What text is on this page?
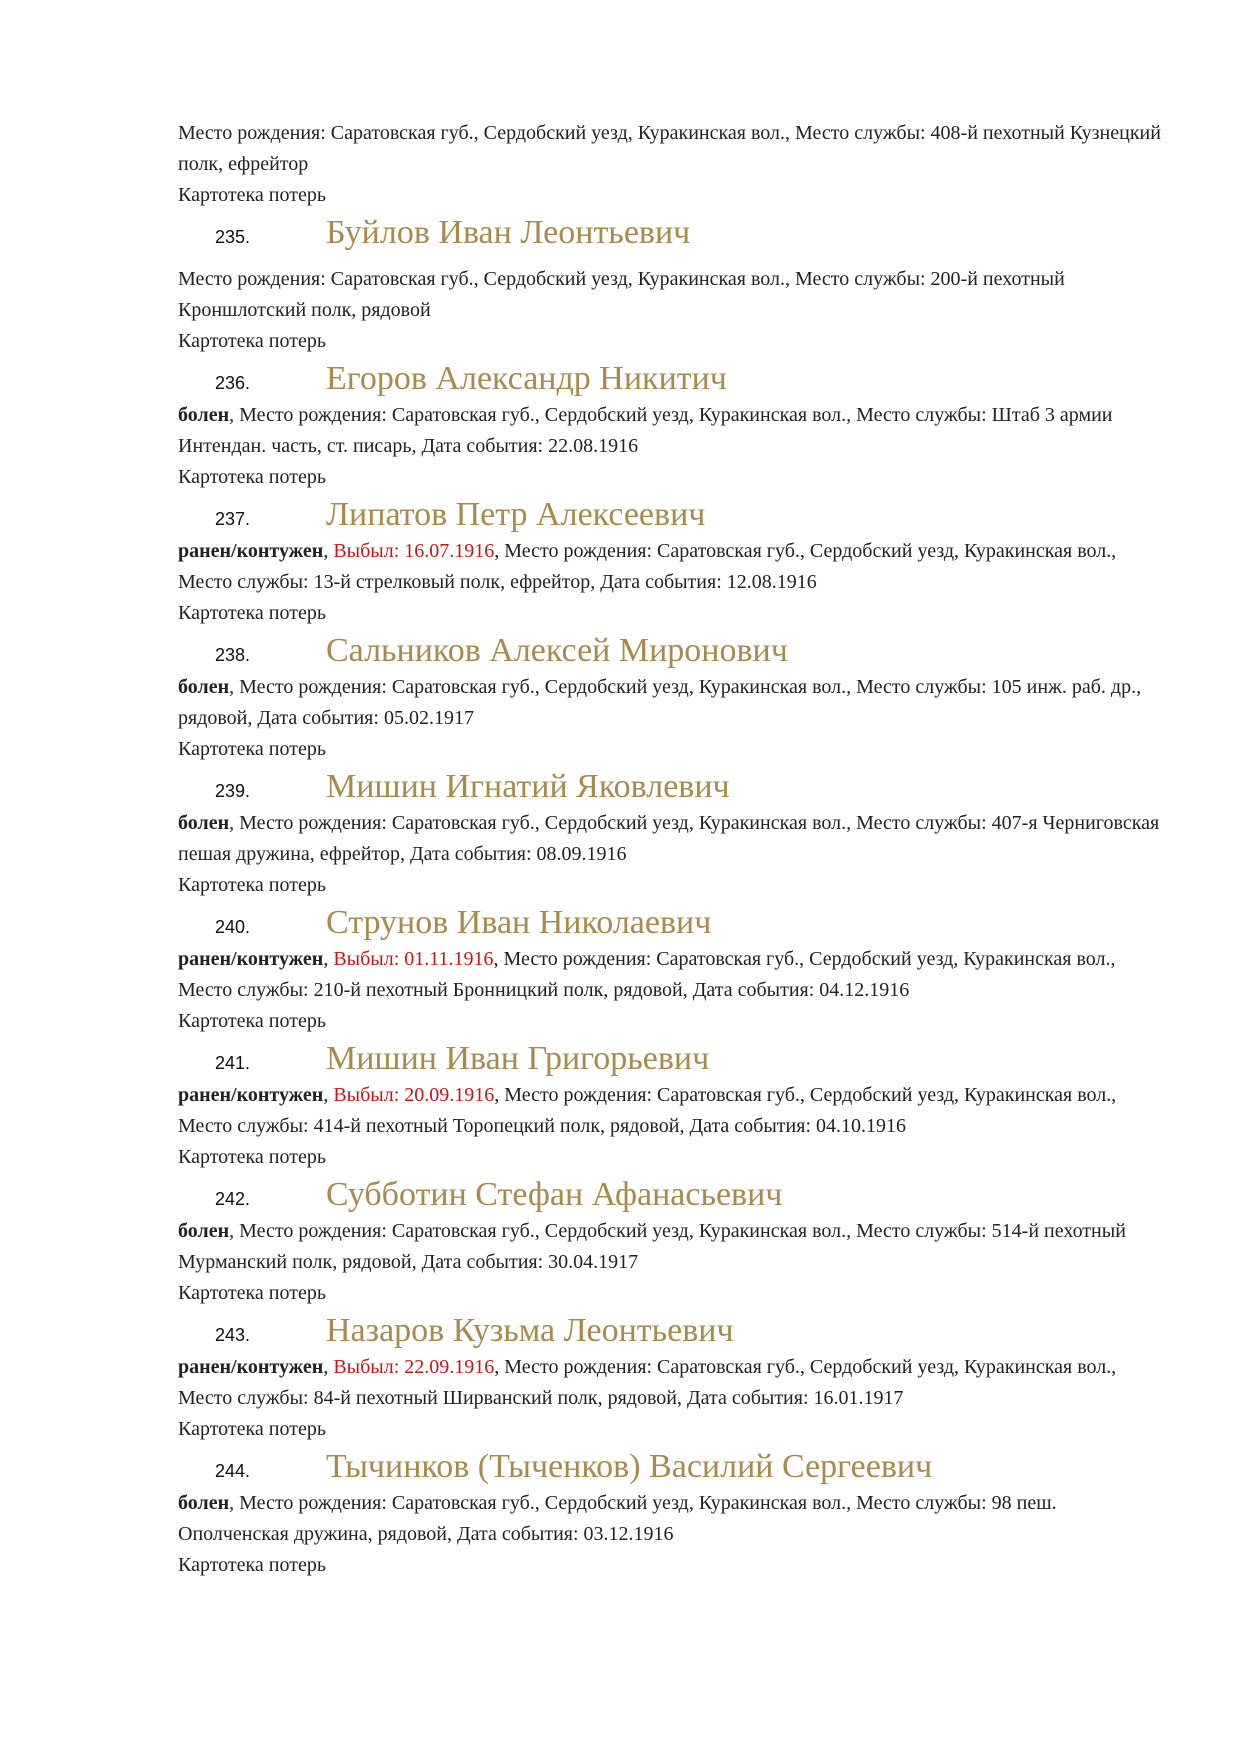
Место рождения: Саратовская губ., Сердобский уезд, Куракинская вол., Место службы: 408-й пехотный Кузнецкий полк, ефрейтор

Картотека потерь

235.	Буйлов Иван Леонтьевич

Место рождения: Саратовская губ., Сердобский уезд, Куракинская вол., Место службы: 200-й пехотный Кроншлотский полк, рядовой

Картотека потерь

236.	Егоров Александр Никитич

болен, Место рождения: Саратовская губ., Сердобский уезд, Куракинская вол., Место службы: Штаб 3 армии Интендан. часть, ст. писарь, Дата события: 22.08.1916

Картотека потерь

237.	Липатов Петр Алексеевич

ранен/контужен, Выбыл: 16.07.1916, Место рождения: Саратовская губ., Сердобский уезд, Куракинская вол., Место службы: 13-й стрелковый полк, ефрейтор, Дата события: 12.08.1916

Картотека потерь

238.	Сальников Алексей Миронович

болен, Место рождения: Саратовская губ., Сердобский уезд, Куракинская вол., Место службы: 105 инж. раб. др., рядовой, Дата события: 05.02.1917

Картотека потерь

239.	Мишин Игнатий Яковлевич

болен, Место рождения: Саратовская губ., Сердобский уезд, Куракинская вол., Место службы: 407-я Черниговская пешая дружина, ефрейтор, Дата события: 08.09.1916

Картотека потерь

240.	Струнов Иван Николаевич

ранен/контужен, Выбыл: 01.11.1916, Место рождения: Саратовская губ., Сердобский уезд, Куракинская вол., Место службы: 210-й пехотный Бронницкий полк, рядовой, Дата события: 04.12.1916

Картотека потерь

241.	Мишин Иван Григорьевич

ранен/контужен, Выбыл: 20.09.1916, Место рождения: Саратовская губ., Сердобский уезд, Куракинская вол., Место службы: 414-й пехотный Торопецкий полк, рядовой, Дата события: 04.10.1916

Картотека потерь

242.	Субботин Стефан Афанасьевич

болен, Место рождения: Саратовская губ., Сердобский уезд, Куракинская вол., Место службы: 514-й пехотный Мурманский полк, рядовой, Дата события: 30.04.1917

Картотека потерь

243.	Назаров Кузьма Леонтьевич

ранен/контужен, Выбыл: 22.09.1916, Место рождения: Саратовская губ., Сердобский уезд, Куракинская вол., Место службы: 84-й пехотный Ширванский полк, рядовой, Дата события: 16.01.1917

Картотека потерь

244.	Тычинков (Тыченков) Василий Сергеевич

болен, Место рождения: Саратовская губ., Сердобский уезд, Куракинская вол., Место службы: 98 пеш. Ополченская дружина, рядовой, Дата события: 03.12.1916

Картотека потерь
